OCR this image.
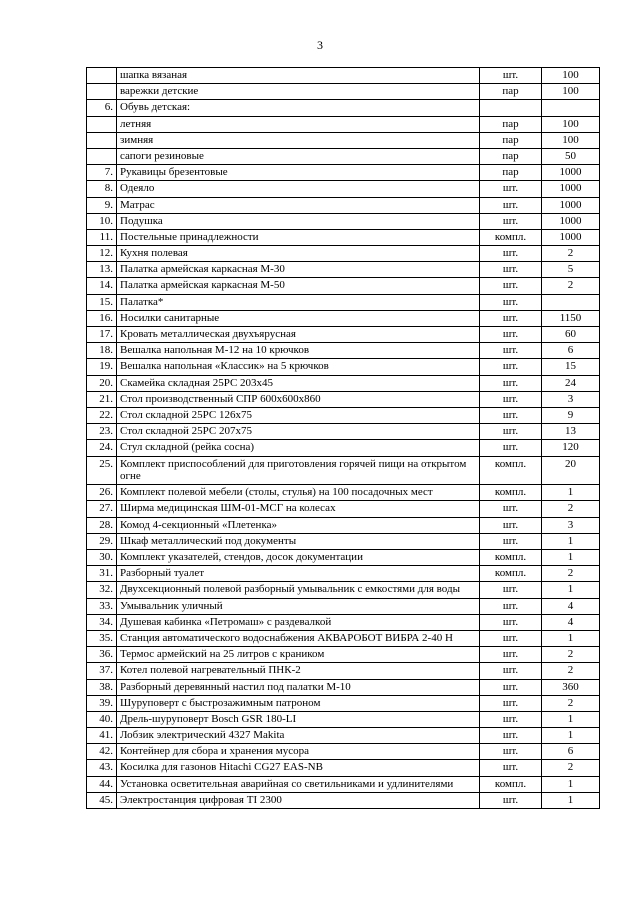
3
	шапка вязаная	шт.	100
	варежки детские	пар	100
6.	Обувь детская:		
	летняя	пар	100
	зимняя	пар	100
	сапоги резиновые	пар	50
7.	Рукавицы брезентовые	пар	1000
8.	Одеяло	шт.	1000
9.	Матрас	шт.	1000
10.	Подушка	шт.	1000
11.	Постельные принадлежности	компл.	1000
12.	Кухня полевая	шт.	2
13.	Палатка армейская каркасная М-30	шт.	5
14.	Палатка армейская каркасная М-50	шт.	2
15.	Палатка*	шт.	
16.	Носилки санитарные	шт.	1150
17.	Кровать металлическая двухъярусная	шт.	60
18.	Вешалка напольная М-12 на 10 крючков	шт.	6
19.	Вешалка напольная «Классик» на 5 крючков	шт.	15
20.	Скамейка складная 25РС 203х45	шт.	24
21.	Стол производственный СПР 600х600х860	шт.	3
22.	Стол складной 25РС 126х75	шт.	9
23.	Стол складной 25РС 207х75	шт.	13
24.	Стул складной (рейка сосна)	шт.	120
25.	Комплект приспособлений для приготовления горячей пищи на открытом огне	компл.	20
26.	Комплект полевой мебели (столы, стулья) на 100 посадочных мест	компл.	1
27.	Ширма медицинская ШМ-01-МСГ на колесах	шт.	2
28.	Комод 4-секционный «Плетенка»	шт.	3
29.	Шкаф металлический под документы	шт.	1
30.	Комплект указателей, стендов, досок документации	компл.	1
31.	Разборный туалет	компл.	2
32.	Двухсекционный полевой разборный умывальник с емкостями для воды	шт.	1
33.	Умывальник уличный	шт.	4
34.	Душевая кабинка «Петромаш» с раздевалкой	шт.	4
35.	Станция автоматического водоснабжения АКВАРОБОТ ВИБРА 2-40 Н	шт.	1
36.	Термос армейский на 25 литров с краником	шт.	2
37.	Котел полевой нагревательный ПНК-2	шт.	2
38.	Разборный деревянный настил под палатки М-10	шт.	360
39.	Шуруповерт с быстрозажимным патроном	шт.	2
40.	Дрель-шуруповерт Bosch GSR 180-LI	шт.	1
41.	Лобзик электрический 4327 Makita	шт.	1
42.	Контейнер для сбора и хранения мусора	шт.	6
43.	Косилка для газонов Hitachi CG27 EAS-NB	шт.	2
44.	Установка осветительная аварийная со светильниками и удлинителями	компл.	1
45.	Электростанция цифровая TI 2300	шт.	1
